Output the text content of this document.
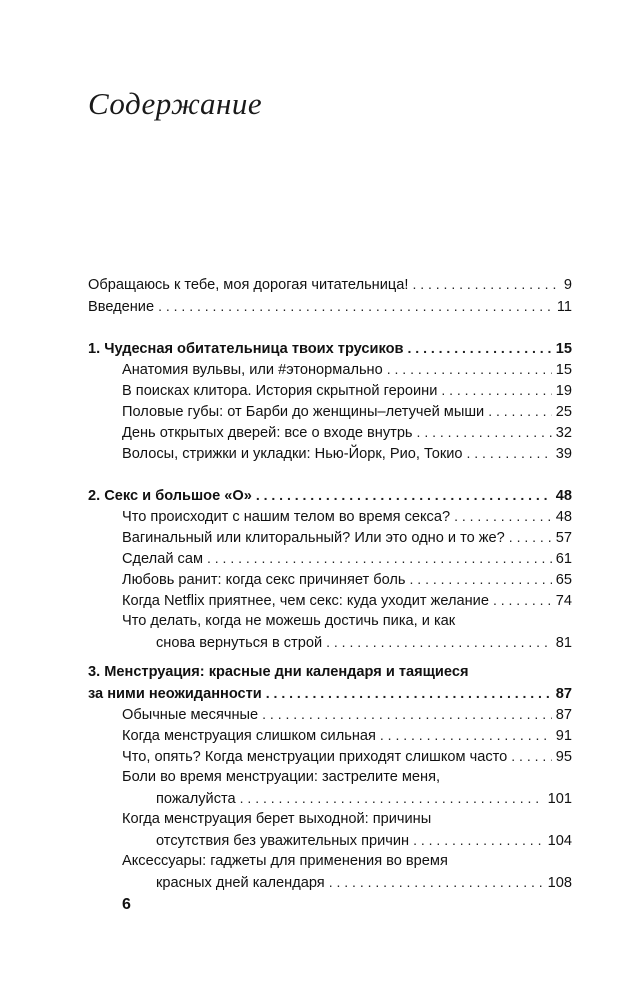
Содержание
Обращаюсь к тебе, моя дорогая читательница! . . .	9
Введение . . .	11
1. Чудесная обитательница твоих трусиков . . .	15
Анатомия вульвы, или #этонормально . . .	15
В поисках клитора. История скрытной героини . . .	19
Половые губы: от Барби до женщины–летучей мыши . . .	25
День открытых дверей: все о входе внутрь . . .	32
Волосы, стрижки и укладки: Нью-Йорк, Рио, Токио . . .	39
2. Секс и большое «О» . . .	48
Что происходит с нашим телом во время секса? . . .	48
Вагинальный или клиторальный? Или это одно и то же? . . .	57
Сделай сам . . .	61
Любовь ранит: когда секс причиняет боль . . .	65
Когда Netflix приятнее, чем секс: куда уходит желание . . .	74
Что делать, когда не можешь достичь пика, и как
снова вернуться в строй . . .	81
3. Менструация: красные дни календаря и таящиеся
за ними неожиданности . . .	87
Обычные месячные . . .	87
Когда менструация слишком сильная . . .	91
Что, опять? Когда менструации приходят слишком часто . . .	95
Боли во время менструации: застрелите меня,
пожалуйста . . .	101
Когда менструация берет выходной: причины
отсутствия без уважительных причин . . .	104
Аксессуары: гаджеты для применения во время
красных дней календаря . . .	108
6
